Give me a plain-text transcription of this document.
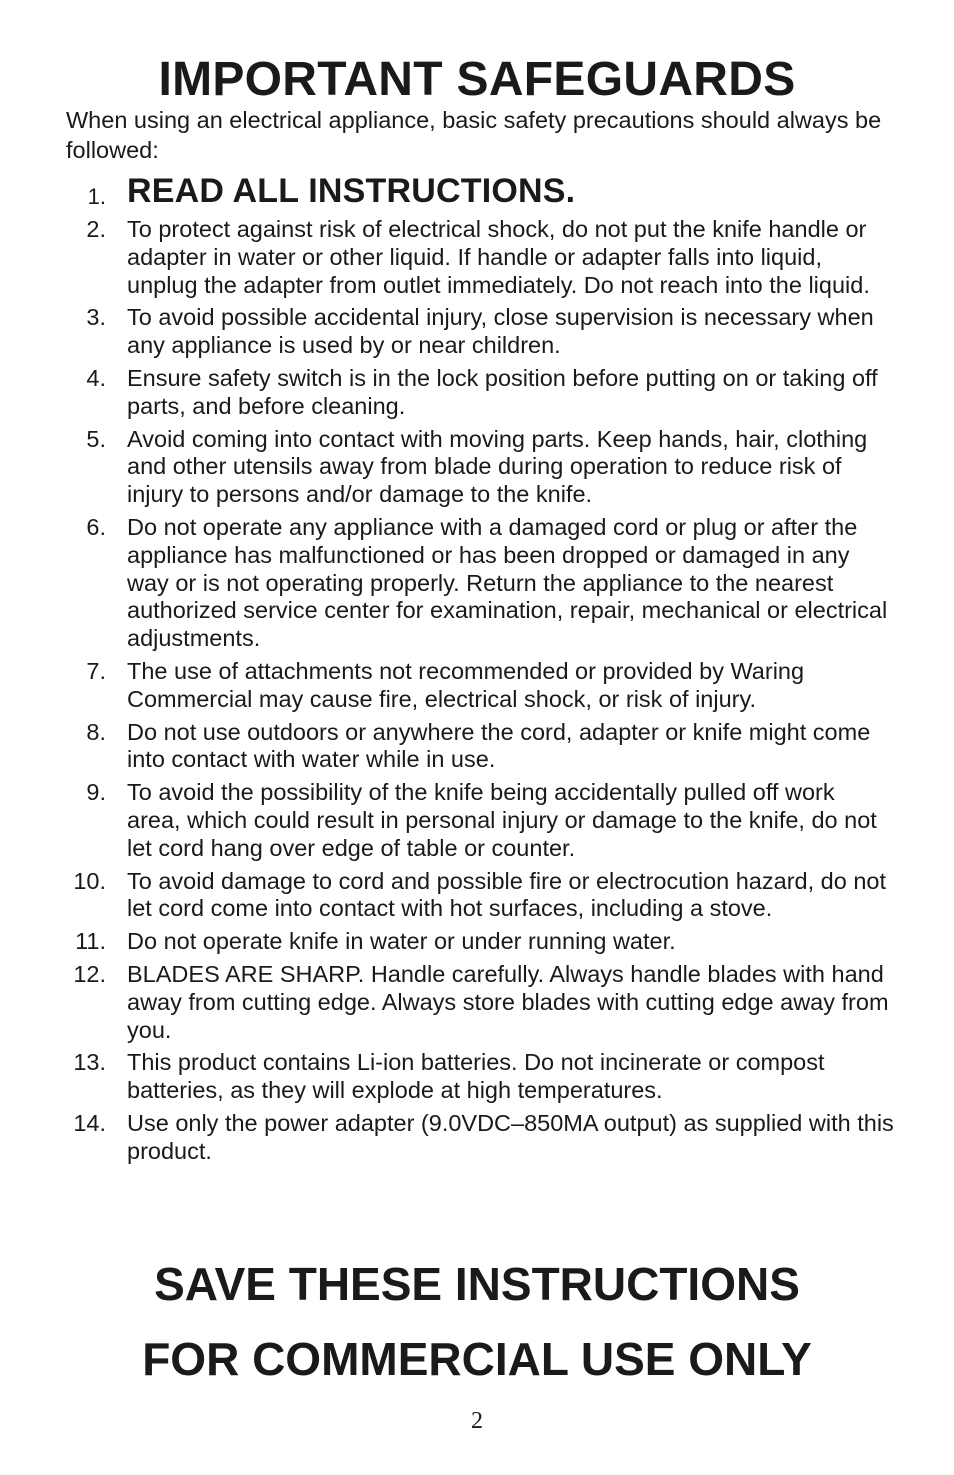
IMPORTANT SAFEGUARDS

When using an electrical appliance, basic safety precautions should always be followed:

1. READ ALL INSTRUCTIONS.
2. To protect against risk of electrical shock, do not put the knife handle or adapter in water or other liquid. If handle or adapter falls into liquid, unplug the adapter from outlet immediately. Do not reach into the liquid.
3. To avoid possible accidental injury, close supervision is necessary when any appliance is used by or near children.
4. Ensure safety switch is in the lock position before putting on or taking off parts, and before cleaning.
5. Avoid coming into contact with moving parts. Keep hands, hair, clothing and other utensils away from blade during operation to reduce risk of injury to persons and/or damage to the knife.
6. Do not operate any appliance with a damaged cord or plug or after the appliance has malfunctioned or has been dropped or damaged in any way or is not operating properly. Return the appliance to the nearest authorized service center for examination, repair, mechanical or electrical adjustments.
7. The use of attachments not recommended or provided by Waring Commercial may cause fire, electrical shock, or risk of injury.
8. Do not use outdoors or anywhere the cord, adapter or knife might come into contact with water while in use.
9. To avoid the possibility of the knife being accidentally pulled off work area, which could result in personal injury or damage to the knife, do not let cord hang over edge of table or counter.
10. To avoid damage to cord and possible fire or electrocution hazard, do not let cord come into contact with hot surfaces, including a stove.
11. Do not operate knife in water or under running water.
12. BLADES ARE SHARP. Handle carefully. Always handle blades with hand away from cutting edge. Always store blades with cutting edge away from you.
13. This product contains Li-ion batteries. Do not incinerate or compost batteries, as they will explode at high temperatures.
14. Use only the power adapter (9.0VDC–850MA output) as supplied with this product.
SAVE THESE INSTRUCTIONS
FOR COMMERCIAL USE ONLY
2
